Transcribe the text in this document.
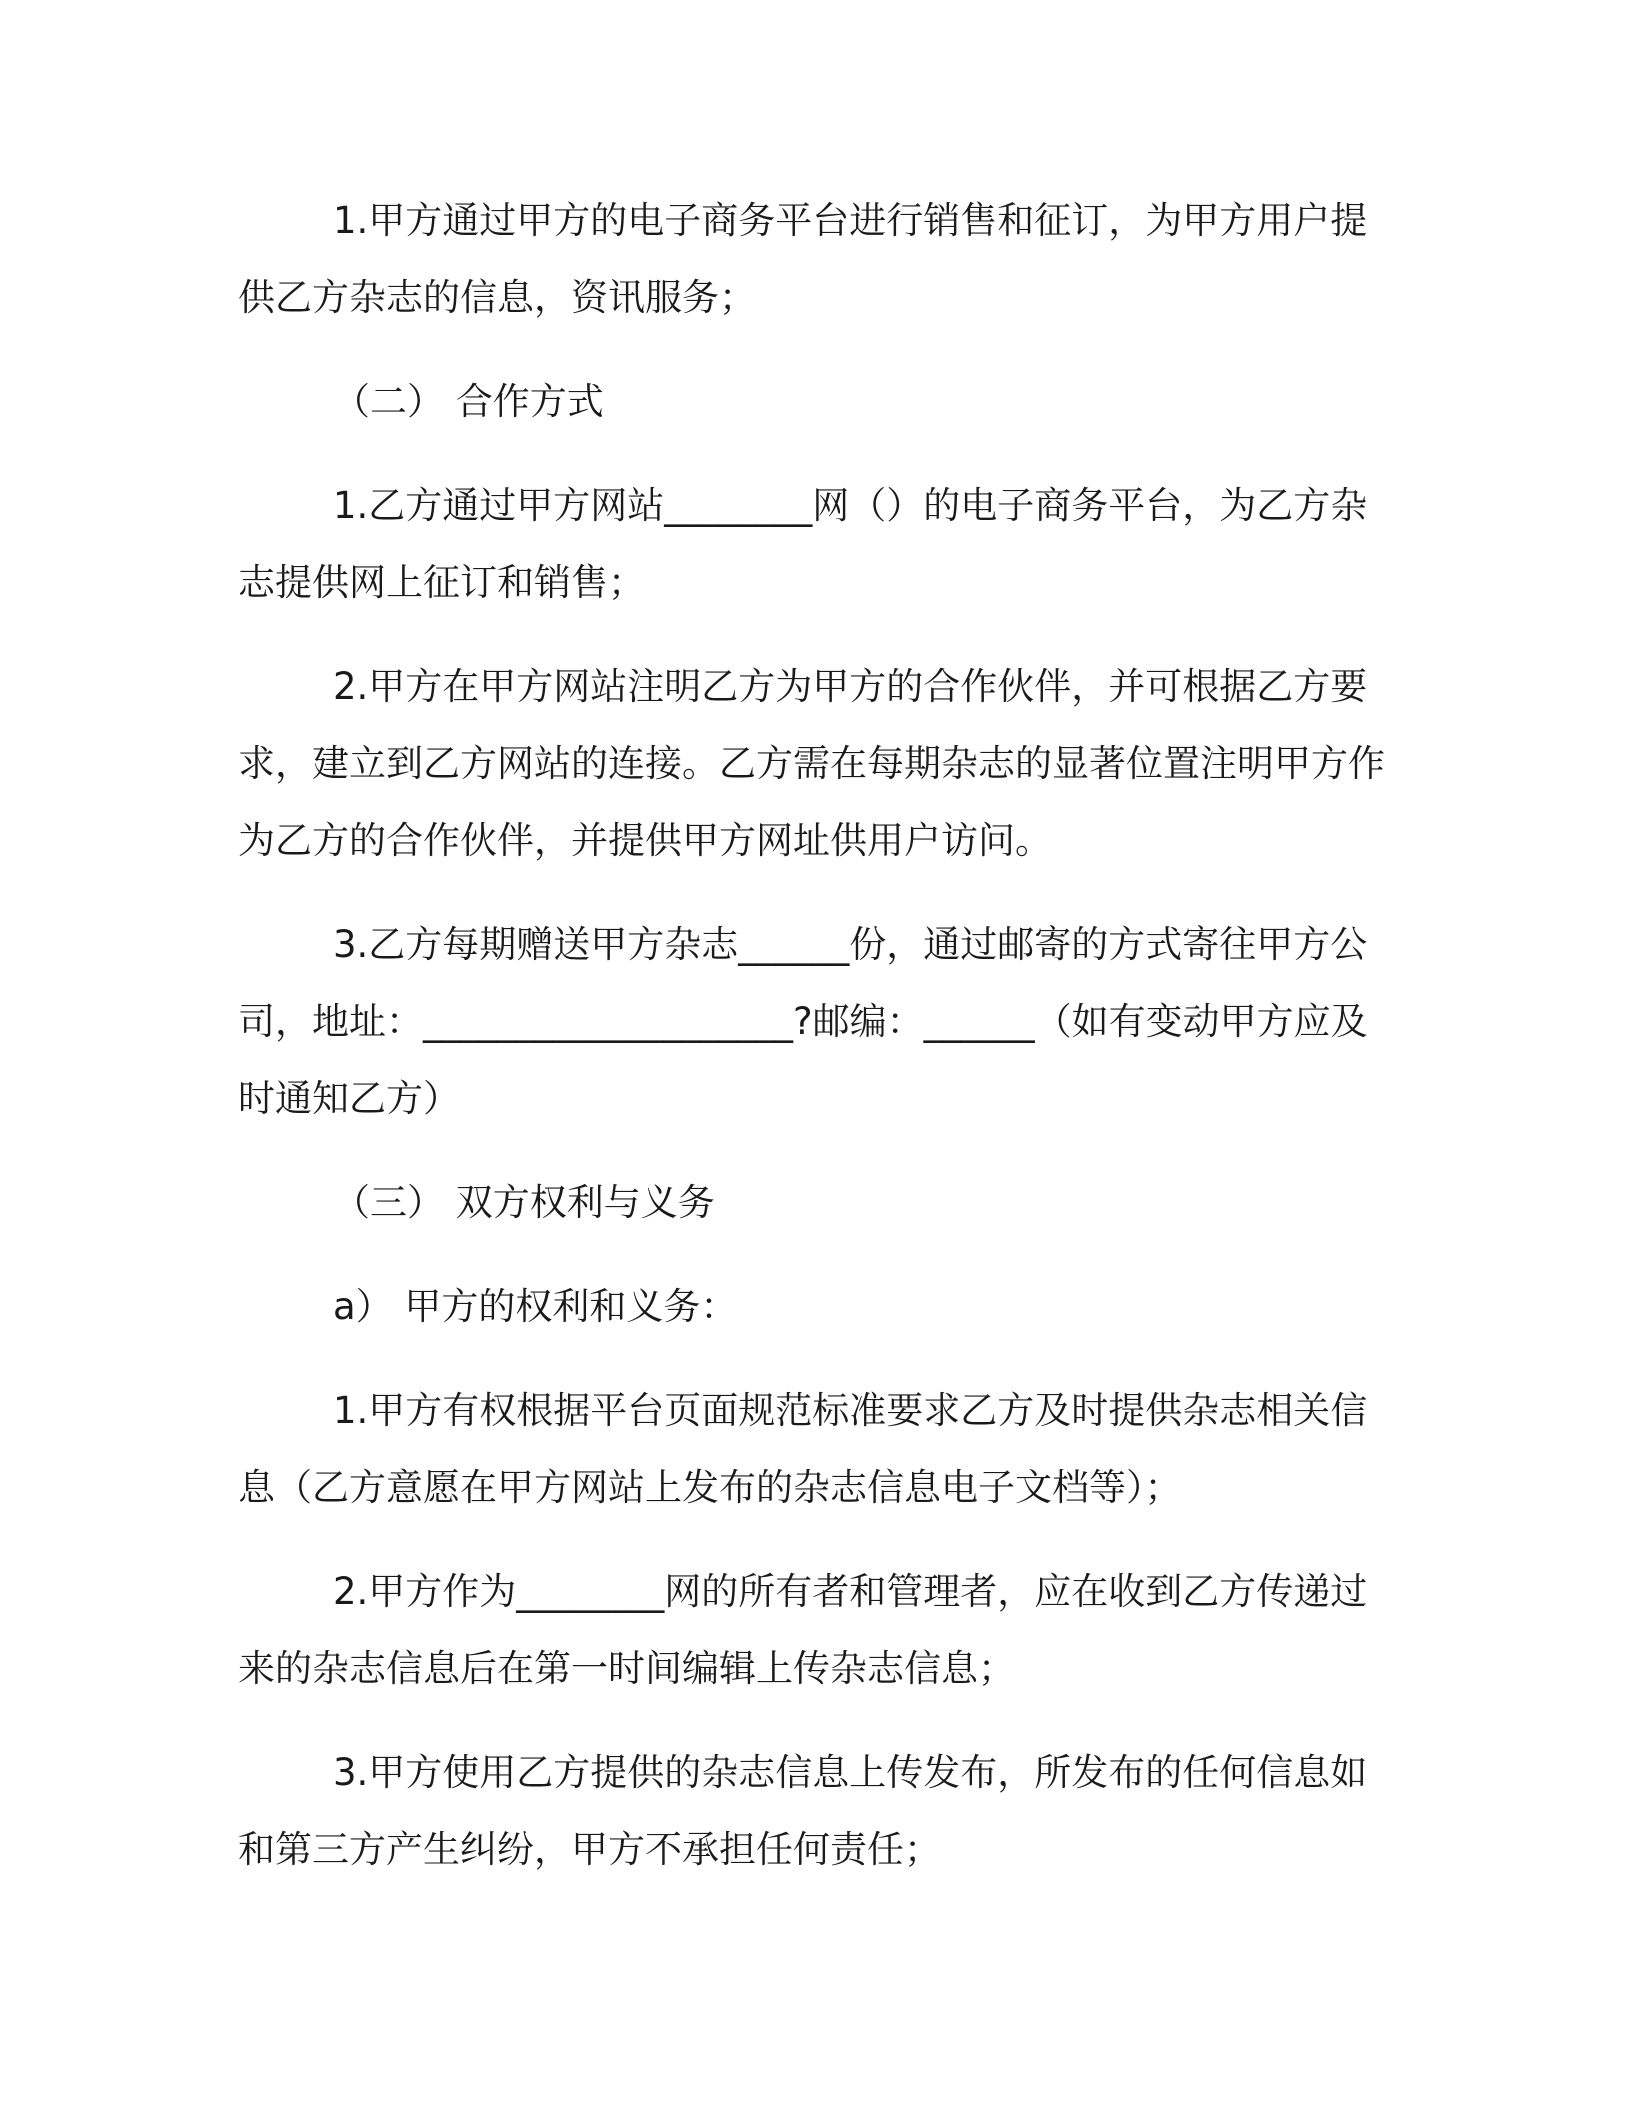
1.甲方通过甲方的电子商务平台进行销售和征订，为甲方用户提供乙方杂志的信息，资讯服务；

（二） 合作方式

1.乙方通过甲方网站________网（）的电子商务平台，为乙方杂志提供网上征订和销售；

2.甲方在甲方网站注明乙方为甲方的合作伙伴，并可根据乙方要求，建立到乙方网站的连接。乙方需在每期杂志的显著位置注明甲方作为乙方的合作伙伴，并提供甲方网址供用户访问。

3.乙方每期赠送甲方杂志______份，通过邮寄的方式寄往甲方公司，地址：____________________?邮编：______（如有变动甲方应及时通知乙方）

（三） 双方权利与义务

a） 甲方的权利和义务：

1.甲方有权根据平台页面规范标准要求乙方及时提供杂志相关信息（乙方意愿在甲方网站上发布的杂志信息电子文档等）；

2.甲方作为________网的所有者和管理者，应在收到乙方传递过来的杂志信息后在第一时间编辑上传杂志信息；

3.甲方使用乙方提供的杂志信息上传发布，所发布的任何信息如和第三方产生纠纷，甲方不承担任何责任；
